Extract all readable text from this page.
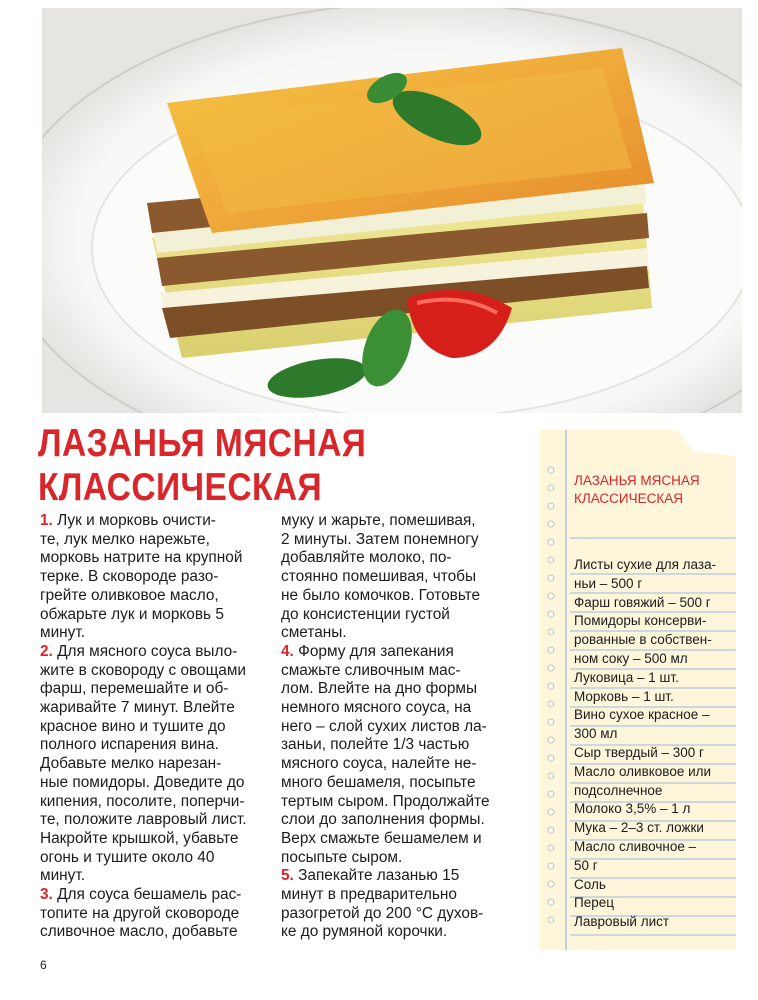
ЛАЗАНЬЯ МЯСНАЯ
КЛАССИЧЕСКАЯ

1. Лук и морковь очисти-

те, лук мелко нарежьте,

морковь натрите на крупной

терке. В сковороде разо-

грейте оливковое масло,

обжарьте лук и морковь 5

минут.

2. Для мясного соуса выло-

жите в сковороду с овощами

фарш, перемешайте и об-

жаривайте 7 минут. Влейте

красное вино и тушите до

полного испарения вина.

Добавьте мелко нарезан-

ные помидоры. Доведите до

кипения, посолите, поперчи-

те, положите лавровый лист.

Накройте крышкой, убавьте

огонь и тушите около 40

минут.

3. Для соуса бешамель рас-

топите на другой сковороде

сливочное масло, добавьте

муку и жарьте, помешивая,

2 минуты. Затем понемногу

добавляйте молоко, по-

стоянно помешивая, чтобы

не было комочков. Готовьте

до консистенции густой

сметаны.

4. Форму для запекания

смажьте сливочным мас-

лом. Влейте на дно формы

немного мясного соуса, на

него – слой сухих листов ла-

заньи, полейте 1/3 частью

мясного соуса, налейте не-

много бешамеля, посыпьте

тертым сыром. Продолжайте

слои до заполнения формы.

Верх смажьте бешамелем и

посыпьте сыром.

5. Запекайте лазанью 15

минут в предварительно

разогретой до 200 °С духов-

ке до румяной корочки.

ЛАЗАНЬЯ МЯСНАЯ
КЛАССИЧЕСКАЯ
Листы сухие для лаза-
ньи – 500 г
Фарш говяжий – 500 г
Помидоры консерви-
рованные в собствен-
ном соку – 500 мл
Луковица – 1 шт.
Морковь – 1 шт.
Вино сухое красное –
300 мл
Сыр твердый – 300 г
Масло оливковое или
подсолнечное
Молоко 3,5% – 1 л
Мука – 2–3 ст. ложки
Масло сливочное –
50 г
Соль
Перец
Лавровый лист
6
